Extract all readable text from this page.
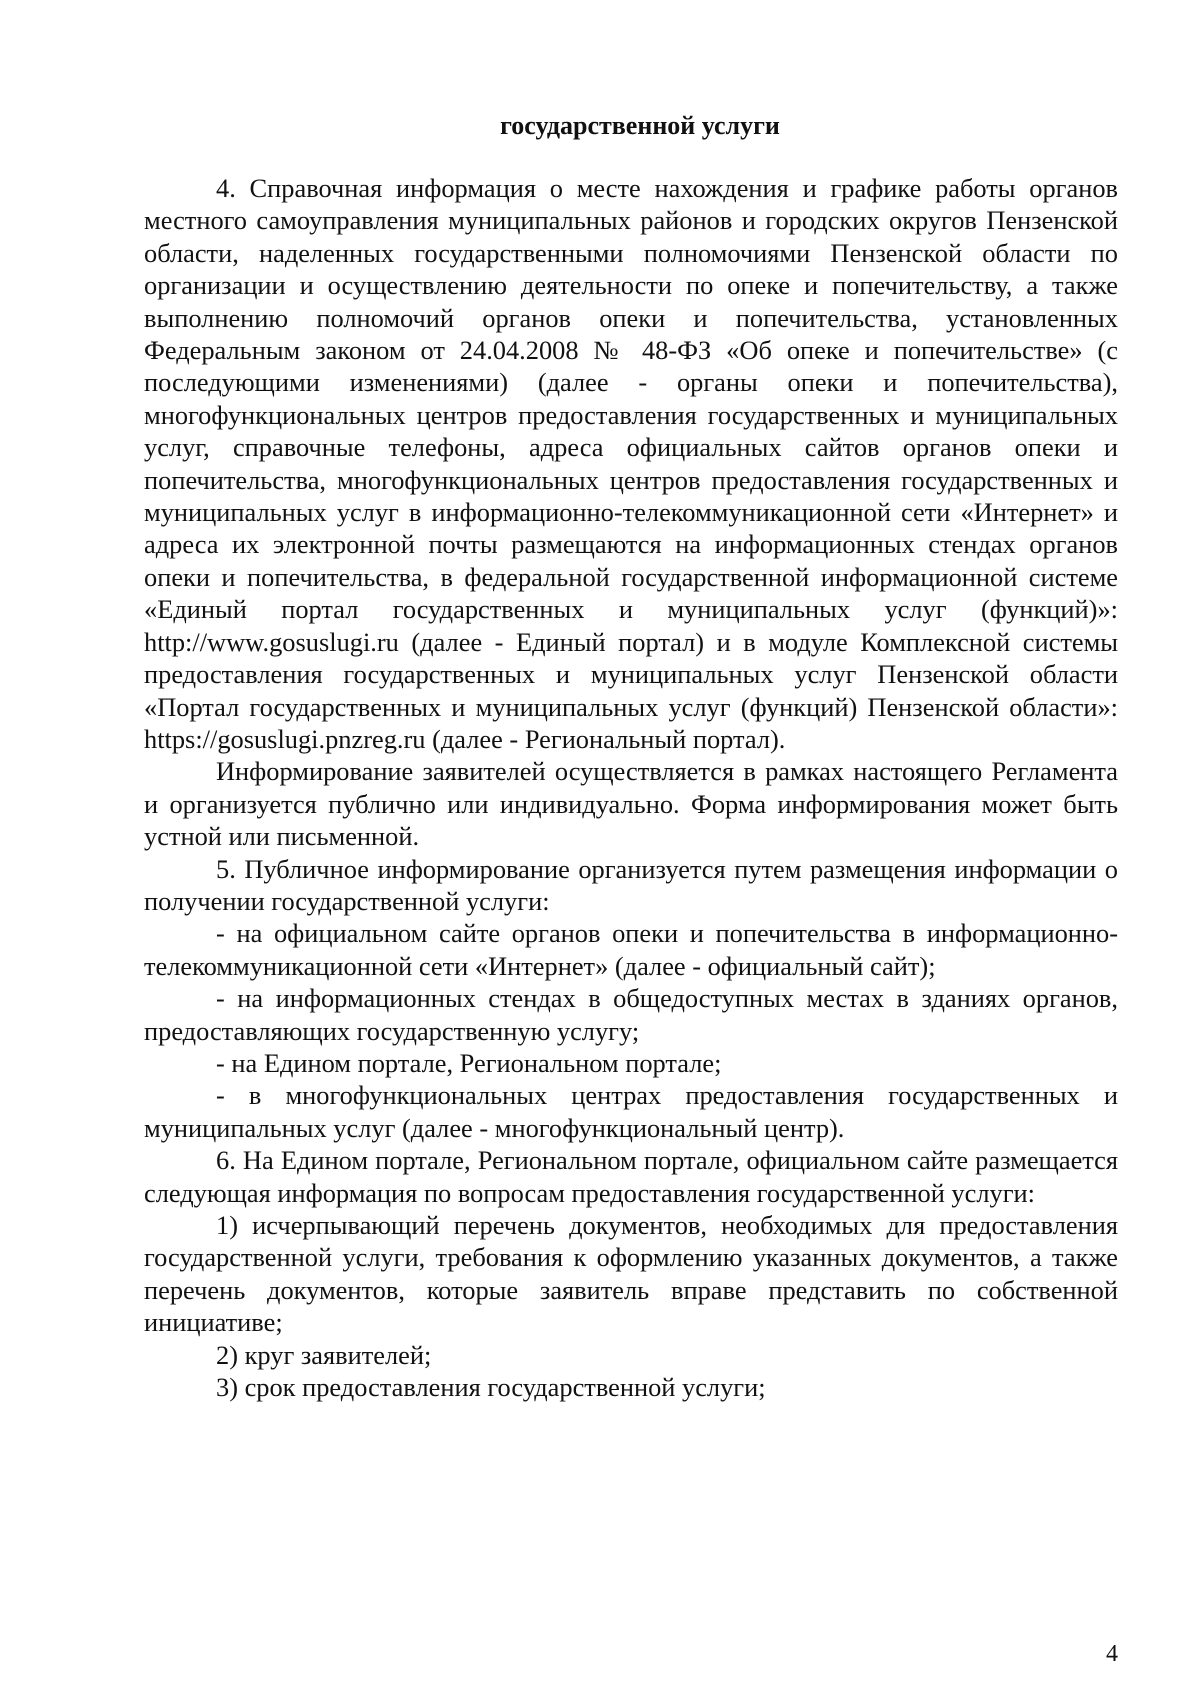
государственной услуги

4. Справочная информация о месте нахождения и графике работы органов местного самоуправления муниципальных районов и городских округов Пензенской области, наделенных государственными полномочиями Пензенской области по организации и осуществлению деятельности по опеке и попечительству, а также выполнению полномочий органов опеки и попечительства, установленных Федеральным законом от 24.04.2008 № 48-ФЗ «Об опеке и попечительстве» (с последующими изменениями) (далее - органы опеки и попечительства), многофункциональных центров предоставления государственных и муниципальных услуг, справочные телефоны, адреса официальных сайтов органов опеки и попечительства, многофункциональных центров предоставления государственных и муниципальных услуг в информационно-телекоммуникационной сети «Интернет» и адреса их электронной почты размещаются на информационных стендах органов опеки и попечительства, в федеральной государственной информационной системе «Единый портал государственных и муниципальных услуг (функций)»: http://www.gosuslugi.ru (далее - Единый портал) и в модуле Комплексной системы предоставления государственных и муниципальных услуг Пензенской области «Портал государственных и муниципальных услуг (функций) Пензенской области»: https://gosuslugi.pnzreg.ru (далее - Региональный портал).

Информирование заявителей осуществляется в рамках настоящего Регламента и организуется публично или индивидуально. Форма информирования может быть устной или письменной.

5. Публичное информирование организуется путем размещения информации о получении государственной услуги:

- на официальном сайте органов опеки и попечительства в информационно-телекоммуникационной сети «Интернет» (далее - официальный сайт);

- на информационных стендах в общедоступных местах в зданиях органов, предоставляющих государственную услугу;

- на Едином портале, Региональном портале;

- в многофункциональных центрах предоставления государственных и муниципальных услуг (далее - многофункциональный центр).

6. На Едином портале, Региональном портале, официальном сайте размещается следующая информация по вопросам предоставления государственной услуги:

1) исчерпывающий перечень документов, необходимых для предоставления государственной услуги, требования к оформлению указанных документов, а также перечень документов, которые заявитель вправе представить по собственной инициативе;

2) круг заявителей;

3) срок предоставления государственной услуги;

4
